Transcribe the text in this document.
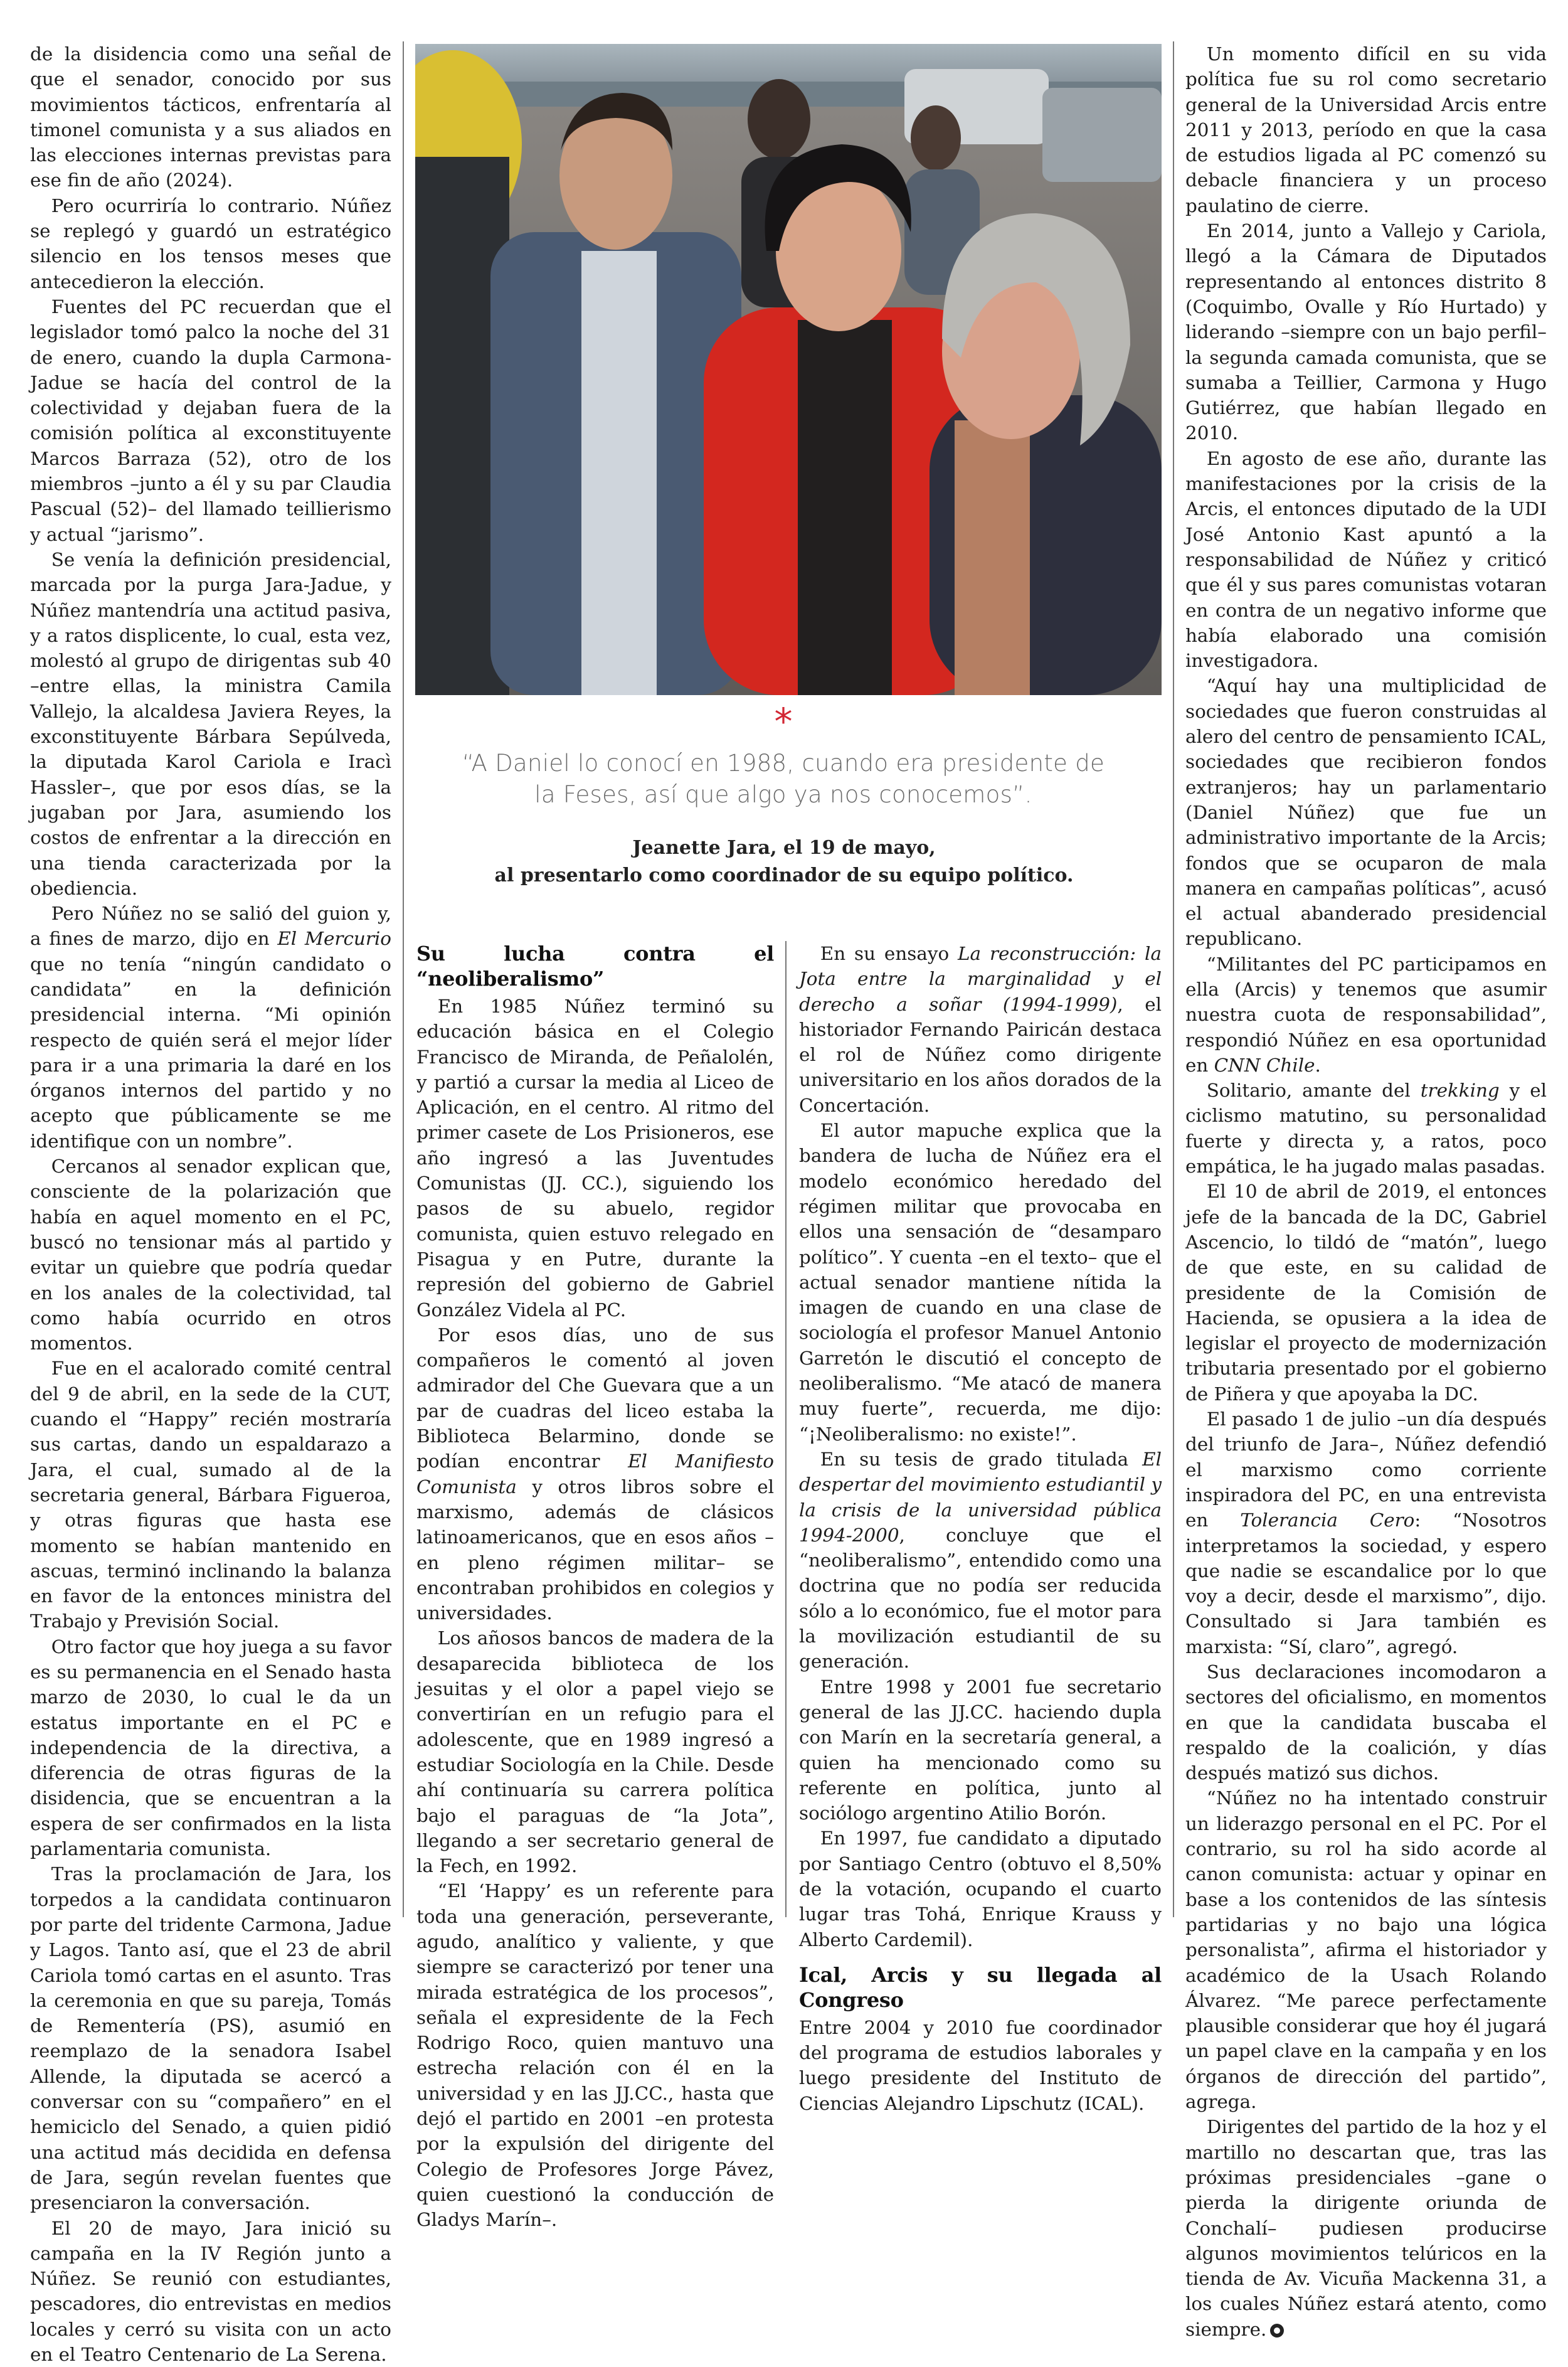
de la disidencia como una señal de que el senador, conocido por sus movimientos tácticos, enfrentaría al timonel comunista y a sus aliados en las elecciones internas previstas para ese fin de año (2024).

Pero ocurriría lo contrario. Núñez se replegó y guardó un estratégico silencio en los tensos meses que antecedieron la elección.

Fuentes del PC recuerdan que el legislador tomó palco la noche del 31 de enero, cuando la dupla Carmona-Jadue se hacía del control de la colectividad y dejaban fuera de la comisión política al exconstituyente Marcos Barraza (52), otro de los miembros –junto a él y su par Claudia Pascual (52)– del llamado teillierismo y actual “jarismo”.

Se venía la definición presidencial, marcada por la purga Jara-Jadue, y Núñez mantendría una actitud pasiva, y a ratos displicente, lo cual, esta vez, molestó al grupo de dirigentas sub 40 –entre ellas, la ministra Camila Vallejo, la alcaldesa Javiera Reyes, la exconstituyente Bárbara Sepúlveda, la diputada Karol Cariola e Iracì Hassler–, que por esos días, se la jugaban por Jara, asumiendo los costos de enfrentar a la dirección en una tienda caracterizada por la obediencia.

Pero Núñez no se salió del guion y, a fines de marzo, dijo en El Mercurio que no tenía “ningún candidato o candidata” en la definición presidencial interna. “Mi opinión respecto de quién será el mejor líder para ir a una primaria la daré en los órganos internos del partido y no acepto que públicamente se me identifique con un nombre”.

Cercanos al senador explican que, consciente de la polarización que había en aquel momento en el PC, buscó no tensionar más al partido y evitar un quiebre que podría quedar en los anales de la colectividad, tal como había ocurrido en otros momentos.

Fue en el acalorado comité central del 9 de abril, en la sede de la CUT, cuando el “Happy” recién mostraría sus cartas, dando un espaldarazo a Jara, el cual, sumado al de la secretaria general, Bárbara Figueroa, y otras figuras que hasta ese momento se habían mantenido en ascuas, terminó inclinando la balanza en favor de la entonces ministra del Trabajo y Previsión Social.

Otro factor que hoy juega a su favor es su permanencia en el Senado hasta marzo de 2030, lo cual le da un estatus importante en el PC e independencia de la directiva, a diferencia de otras figuras de la disidencia, que se encuentran a la espera de ser confirmados en la lista parlamentaria comunista.

Tras la proclamación de Jara, los torpedos a la candidata continuaron por parte del tridente Carmona, Jadue y Lagos. Tanto así, que el 23 de abril Cariola tomó cartas en el asunto. Tras la ceremonia en que su pareja, Tomás de Rementería (PS), asumió en reemplazo de la senadora Isabel Allende, la diputada se acercó a conversar con su “compañero” en el hemiciclo del Senado, a quien pidió una actitud más decidida en defensa de Jara, según revelan fuentes que presenciaron la conversación.

El 20 de mayo, Jara inició su campaña en la IV Región junto a Núñez. Se reunió con estudiantes, pescadores, dio entrevistas en medios locales y cerró su visita con un acto en el Teatro Centenario de La Serena.

*
“A Daniel lo conocí en 1988, cuando era presidente de la Feses, así que algo ya nos conocemos”.
Jeanette Jara, el 19 de mayo,
al presentarlo como coordinador de su equipo político.
Su lucha contra el “neoliberalismo”

En 1985 Núñez terminó su educación básica en el Colegio Francisco de Miranda, de Peñalolén, y partió a cursar la media al Liceo de Aplicación, en el centro. Al ritmo del primer casete de Los Prisioneros, ese año ingresó a las Juventudes Comunistas (JJ. CC.), siguiendo los pasos de su abuelo, regidor comunista, quien estuvo relegado en Pisagua y en Putre, durante la represión del gobierno de Gabriel González Videla al PC.

Por esos días, uno de sus compañeros le comentó al joven admirador del Che Guevara que a un par de cuadras del liceo estaba la Biblioteca Belarmino, donde se podían encontrar El Manifiesto Comunista y otros libros sobre el marxismo, además de clásicos latinoamericanos, que en esos años –en pleno régimen militar– se encontraban prohibidos en colegios y universidades.

Los añosos bancos de madera de la desaparecida biblioteca de los jesuitas y el olor a papel viejo se convertirían en un refugio para el adolescente, que en 1989 ingresó a estudiar Sociología en la Chile. Desde ahí continuaría su carrera política bajo el paraguas de “la Jota”, llegando a ser secretario general de la Fech, en 1992.

“El ‘Happy’ es un referente para toda una generación, perseverante, agudo, analítico y valiente, y que siempre se caracterizó por tener una mirada estratégica de los procesos”, señala el expresidente de la Fech Rodrigo Roco, quien mantuvo una estrecha relación con él en la universidad y en las JJ.CC., hasta que dejó el partido en 2001 –en protesta por la expulsión del dirigente del Colegio de Profesores Jorge Pávez, quien cuestionó la conducción de Gladys Marín–.

En su ensayo La reconstrucción: la Jota entre la marginalidad y el derecho a soñar (1994-1999), el historiador Fernando Pairicán destaca el rol de Núñez como dirigente universitario en los años dorados de la Concertación.

El autor mapuche explica que la bandera de lucha de Núñez era el modelo económico heredado del régimen militar que provocaba en ellos una sensación de “desamparo político”. Y cuenta –en el texto– que el actual senador mantiene nítida la imagen de cuando en una clase de sociología el profesor Manuel Antonio Garretón le discutió el concepto de neoliberalismo. “Me atacó de manera muy fuerte”, recuerda, me dijo: “¡Neoliberalismo: no existe!”.

En su tesis de grado titulada El despertar del movimiento estudiantil y la crisis de la universidad pública 1994-2000, concluye que el “neoliberalismo”, entendido como una doctrina que no podía ser reducida sólo a lo económico, fue el motor para la movilización estudiantil de su generación.

Entre 1998 y 2001 fue secretario general de las JJ.CC. haciendo dupla con Marín en la secretaría general, a quien ha mencionado como su referente en política, junto al sociólogo argentino Atilio Borón.

En 1997, fue candidato a diputado por Santiago Centro (obtuvo el 8,50% de la votación, ocupando el cuarto lugar tras Tohá, Enrique Krauss y Alberto Cardemil).

Ical, Arcis y su llegada al Congreso

Entre 2004 y 2010 fue coordinador del programa de estudios laborales y luego presidente del Instituto de Ciencias Alejandro Lipschutz (ICAL).

Un momento difícil en su vida política fue su rol como secretario general de la Universidad Arcis entre 2011 y 2013, período en que la casa de estudios ligada al PC comenzó su debacle financiera y un proceso paulatino de cierre.

En 2014, junto a Vallejo y Cariola, llegó a la Cámara de Diputados representando al entonces distrito 8 (Coquimbo, Ovalle y Río Hurtado) y liderando –siempre con un bajo perfil– la segunda camada comunista, que se sumaba a Teillier, Carmona y Hugo Gutiérrez, que habían llegado en 2010.

En agosto de ese año, durante las manifestaciones por la crisis de la Arcis, el entonces diputado de la UDI José Antonio Kast apuntó a la responsabilidad de Núñez y criticó que él y sus pares comunistas votaran en contra de un negativo informe que había elaborado una comisión investigadora.

“Aquí hay una multiplicidad de sociedades que fueron construidas al alero del centro de pensamiento ICAL, sociedades que recibieron fondos extranjeros; hay un parlamentario (Daniel Núñez) que fue un administrativo importante de la Arcis; fondos que se ocuparon de mala manera en campañas políticas”, acusó el actual abanderado presidencial republicano.

“Militantes del PC participamos en ella (Arcis) y tenemos que asumir nuestra cuota de responsabilidad”, respondió Núñez en esa oportunidad en CNN Chile.

Solitario, amante del trekking y el ciclismo matutino, su personalidad fuerte y directa y, a ratos, poco empática, le ha jugado malas pasadas.

El 10 de abril de 2019, el entonces jefe de la bancada de la DC, Gabriel Ascencio, lo tildó de “matón”, luego de que este, en su calidad de presidente de la Comisión de Hacienda, se opusiera a la idea de legislar el proyecto de modernización tributaria presentado por el gobierno de Piñera y que apoyaba la DC.

El pasado 1 de julio –un día después del triunfo de Jara–, Núñez defendió el marxismo como corriente inspiradora del PC, en una entrevista en Tolerancia Cero: “Nosotros interpretamos la sociedad, y espero que nadie se escandalice por lo que voy a decir, desde el marxismo”, dijo. Consultado si Jara también es marxista: “Sí, claro”, agregó.

Sus declaraciones incomodaron a sectores del oficialismo, en momentos en que la candidata buscaba el respaldo de la coalición, y días después matizó sus dichos.

“Núñez no ha intentado construir un liderazgo personal en el PC. Por el contrario, su rol ha sido acorde al canon comunista: actuar y opinar en base a los contenidos de las síntesis partidarias y no bajo una lógica personalista”, afirma el historiador y académico de la Usach Rolando Álvarez. “Me parece perfectamente plausible considerar que hoy él jugará un papel clave en la campaña y en los órganos de dirección del partido”, agrega.

Dirigentes del partido de la hoz y el martillo no descartan que, tras las próximas presidenciales –gane o pierda la dirigente oriunda de Conchalí– pudiesen producirse algunos movimientos telúricos en la tienda de Av. Vicuña Mackenna 31, a los cuales Núñez estará atento, como siempre.
